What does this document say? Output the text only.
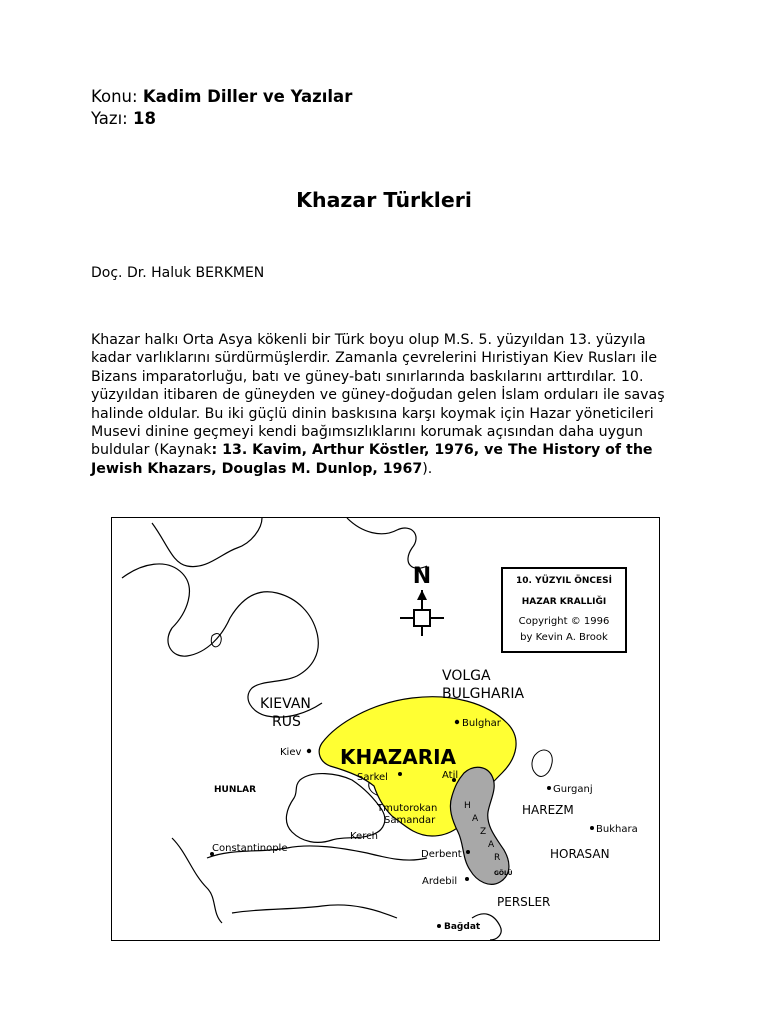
Konu: Kadim Diller ve Yazılar
Yazı: 18
Khazar Türkleri
Doç. Dr. Haluk BERKMEN
Khazar halkı Orta Asya kökenli bir Türk boyu olup M.S. 5. yüzyıldan 13. yüzyıla kadar varlıklarını sürdürmüşlerdir. Zamanla çevrelerini Hıristiyan Kiev Rusları ile Bizans imparatorluğu, batı ve güney-batı sınırlarında baskılarını arttırdılar. 10. yüzyıldan itibaren de güneyden ve güney-doğudan gelen İslam orduları ile savaş halinde oldular. Bu iki güçlü dinin baskısına karşı koymak için Hazar yöneticileri Musevi dinine geçmeyi kendi bağımsızlıklarını korumak açısından daha uygun buldular (Kaynak: 13. Kavim, Arthur Köstler, 1976, ve The History of the Jewish Khazars, Douglas M. Dunlop, 1967).
N	10. YÜZYIL ÖNCESİ
HAZAR KRALLIĞI
Copyright © 1996
by Kevin A. Brook
VOLGA
BULGHARIA
KIEVAN
RUS
KHAZARIA
HUNLAR
HAREZM
HORASAN
PERSLER
Bulghar
Kiev
Sarkel	Atil
Tmutorokan
Samandar
Kerch
Constantinople
Derbent
Ardebil
Gurganj
Bukhara
Bağdat
H
A
Z
A
R
GÖLÜ
